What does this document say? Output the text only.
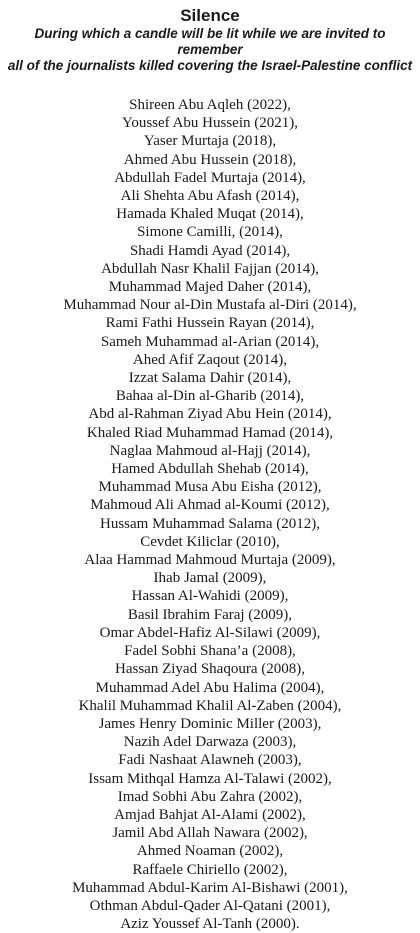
Silence
During which a candle will be lit while we are invited to remember
all of the journalists killed covering the Israel-Palestine conflict
Shireen Abu Aqleh (2022),
Youssef Abu Hussein (2021),
Yaser Murtaja (2018),
Ahmed Abu Hussein (2018),
Abdullah Fadel Murtaja (2014),
Ali Shehta Abu Afash (2014),
Hamada Khaled Muqat (2014),
Simone Camilli, (2014),
Shadi Hamdi Ayad (2014),
Abdullah Nasr Khalil Fajjan (2014),
Muhammad Majed Daher (2014),
Muhammad Nour al-Din Mustafa al-Diri (2014),
Rami Fathi Hussein Rayan (2014),
Sameh Muhammad al-Arian (2014),
Ahed Afif Zaqout (2014),
Izzat Salama Dahir (2014),
Bahaa al-Din al-Gharib (2014),
Abd al-Rahman Ziyad Abu Hein (2014),
Khaled Riad Muhammad Hamad (2014),
Naglaa Mahmoud al-Hajj (2014),
Hamed Abdullah Shehab (2014),
Muhammad Musa Abu Eisha (2012),
Mahmoud Ali Ahmad al-Koumi (2012),
Hussam Muhammad Salama (2012),
Cevdet Kiliclar (2010),
Alaa Hammad Mahmoud Murtaja (2009),
Ihab Jamal (2009),
Hassan Al-Wahidi (2009),
Basil Ibrahim Faraj (2009),
Omar Abdel-Hafiz Al-Silawi (2009),
Fadel Sobhi Shana’a (2008),
Hassan Ziyad Shaqoura (2008),
Muhammad Adel Abu Halima (2004),
Khalil Muhammad Khalil Al-Zaben (2004),
James Henry Dominic Miller (2003),
Nazih Adel Darwaza (2003),
Fadi Nashaat Alawneh (2003),
Issam Mithqal Hamza Al-Talawi (2002),
Imad Sobhi Abu Zahra (2002),
Amjad Bahjat Al-Alami (2002),
Jamil Abd Allah Nawara (2002),
Ahmed Noaman (2002),
Raffaele Chiriello (2002),
Muhammad Abdul-Karim Al-Bishawi (2001),
Othman Abdul-Qader Al-Qatani (2001),
Aziz Youssef Al-Tanh (2000).
